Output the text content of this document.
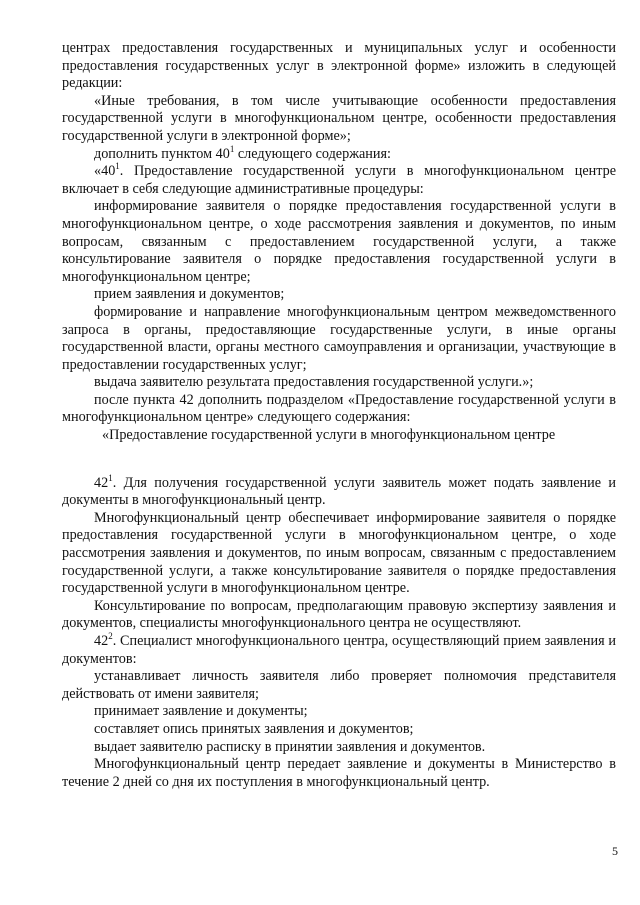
центрах предоставления государственных и муниципальных услуг и особенности предоставления государственных услуг в электронной форме» изложить в следующей редакции:

«Иные требования, в том числе учитывающие особенности предоставления государственной услуги в многофункциональном центре, особенности предоставления государственной услуги в электронной форме»;

дополнить пунктом $40^1$ следующего содержания:

«$40^1$. Предоставление государственной услуги в многофункциональном центре включает в себя следующие административные процедуры:

информирование заявителя о порядке предоставления государственной услуги в многофункциональном центре, о ходе рассмотрения заявления и документов, по иным вопросам, связанным с предоставлением государственной услуги, а также консультирование заявителя о порядке предоставления государственной услуги в многофункциональном центре;

прием заявления и документов;

формирование и направление многофункциональным центром межведомственного запроса в органы, предоставляющие государственные услуги, в иные органы государственной власти, органы местного самоуправления и организации, участвующие в предоставлении государственных услуг;

выдача заявителю результата предоставления государственной услуги.»;

после пункта 42 дополнить подразделом «Предоставление государственной услуги в многофункциональном центре» следующего содержания:

«Предоставление государственной услуги в многофункциональном центре

$42^1$. Для получения государственной услуги заявитель может подать заявление и документы в многофункциональный центр.

Многофункциональный центр обеспечивает информирование заявителя о порядке предоставления государственной услуги в многофункциональном центре, о ходе рассмотрения заявления и документов, по иным вопросам, связанным с предоставлением государственной услуги, а также консультирование заявителя о порядке предоставления государственной услуги в многофункциональном центре.

Консультирование по вопросам, предполагающим правовую экспертизу заявления и документов, специалисты многофункционального центра не осуществляют.

$42^2$. Специалист многофункционального центра, осуществляющий прием заявления и документов:

устанавливает личность заявителя либо проверяет полномочия представителя действовать от имени заявителя;

принимает заявление и документы;

составляет опись принятых заявления и документов;

выдает заявителю расписку в принятии заявления и документов.

Многофункциональный центр передает заявление и документы в Министерство в течение 2 дней со дня их поступления в многофункциональный центр.

5
